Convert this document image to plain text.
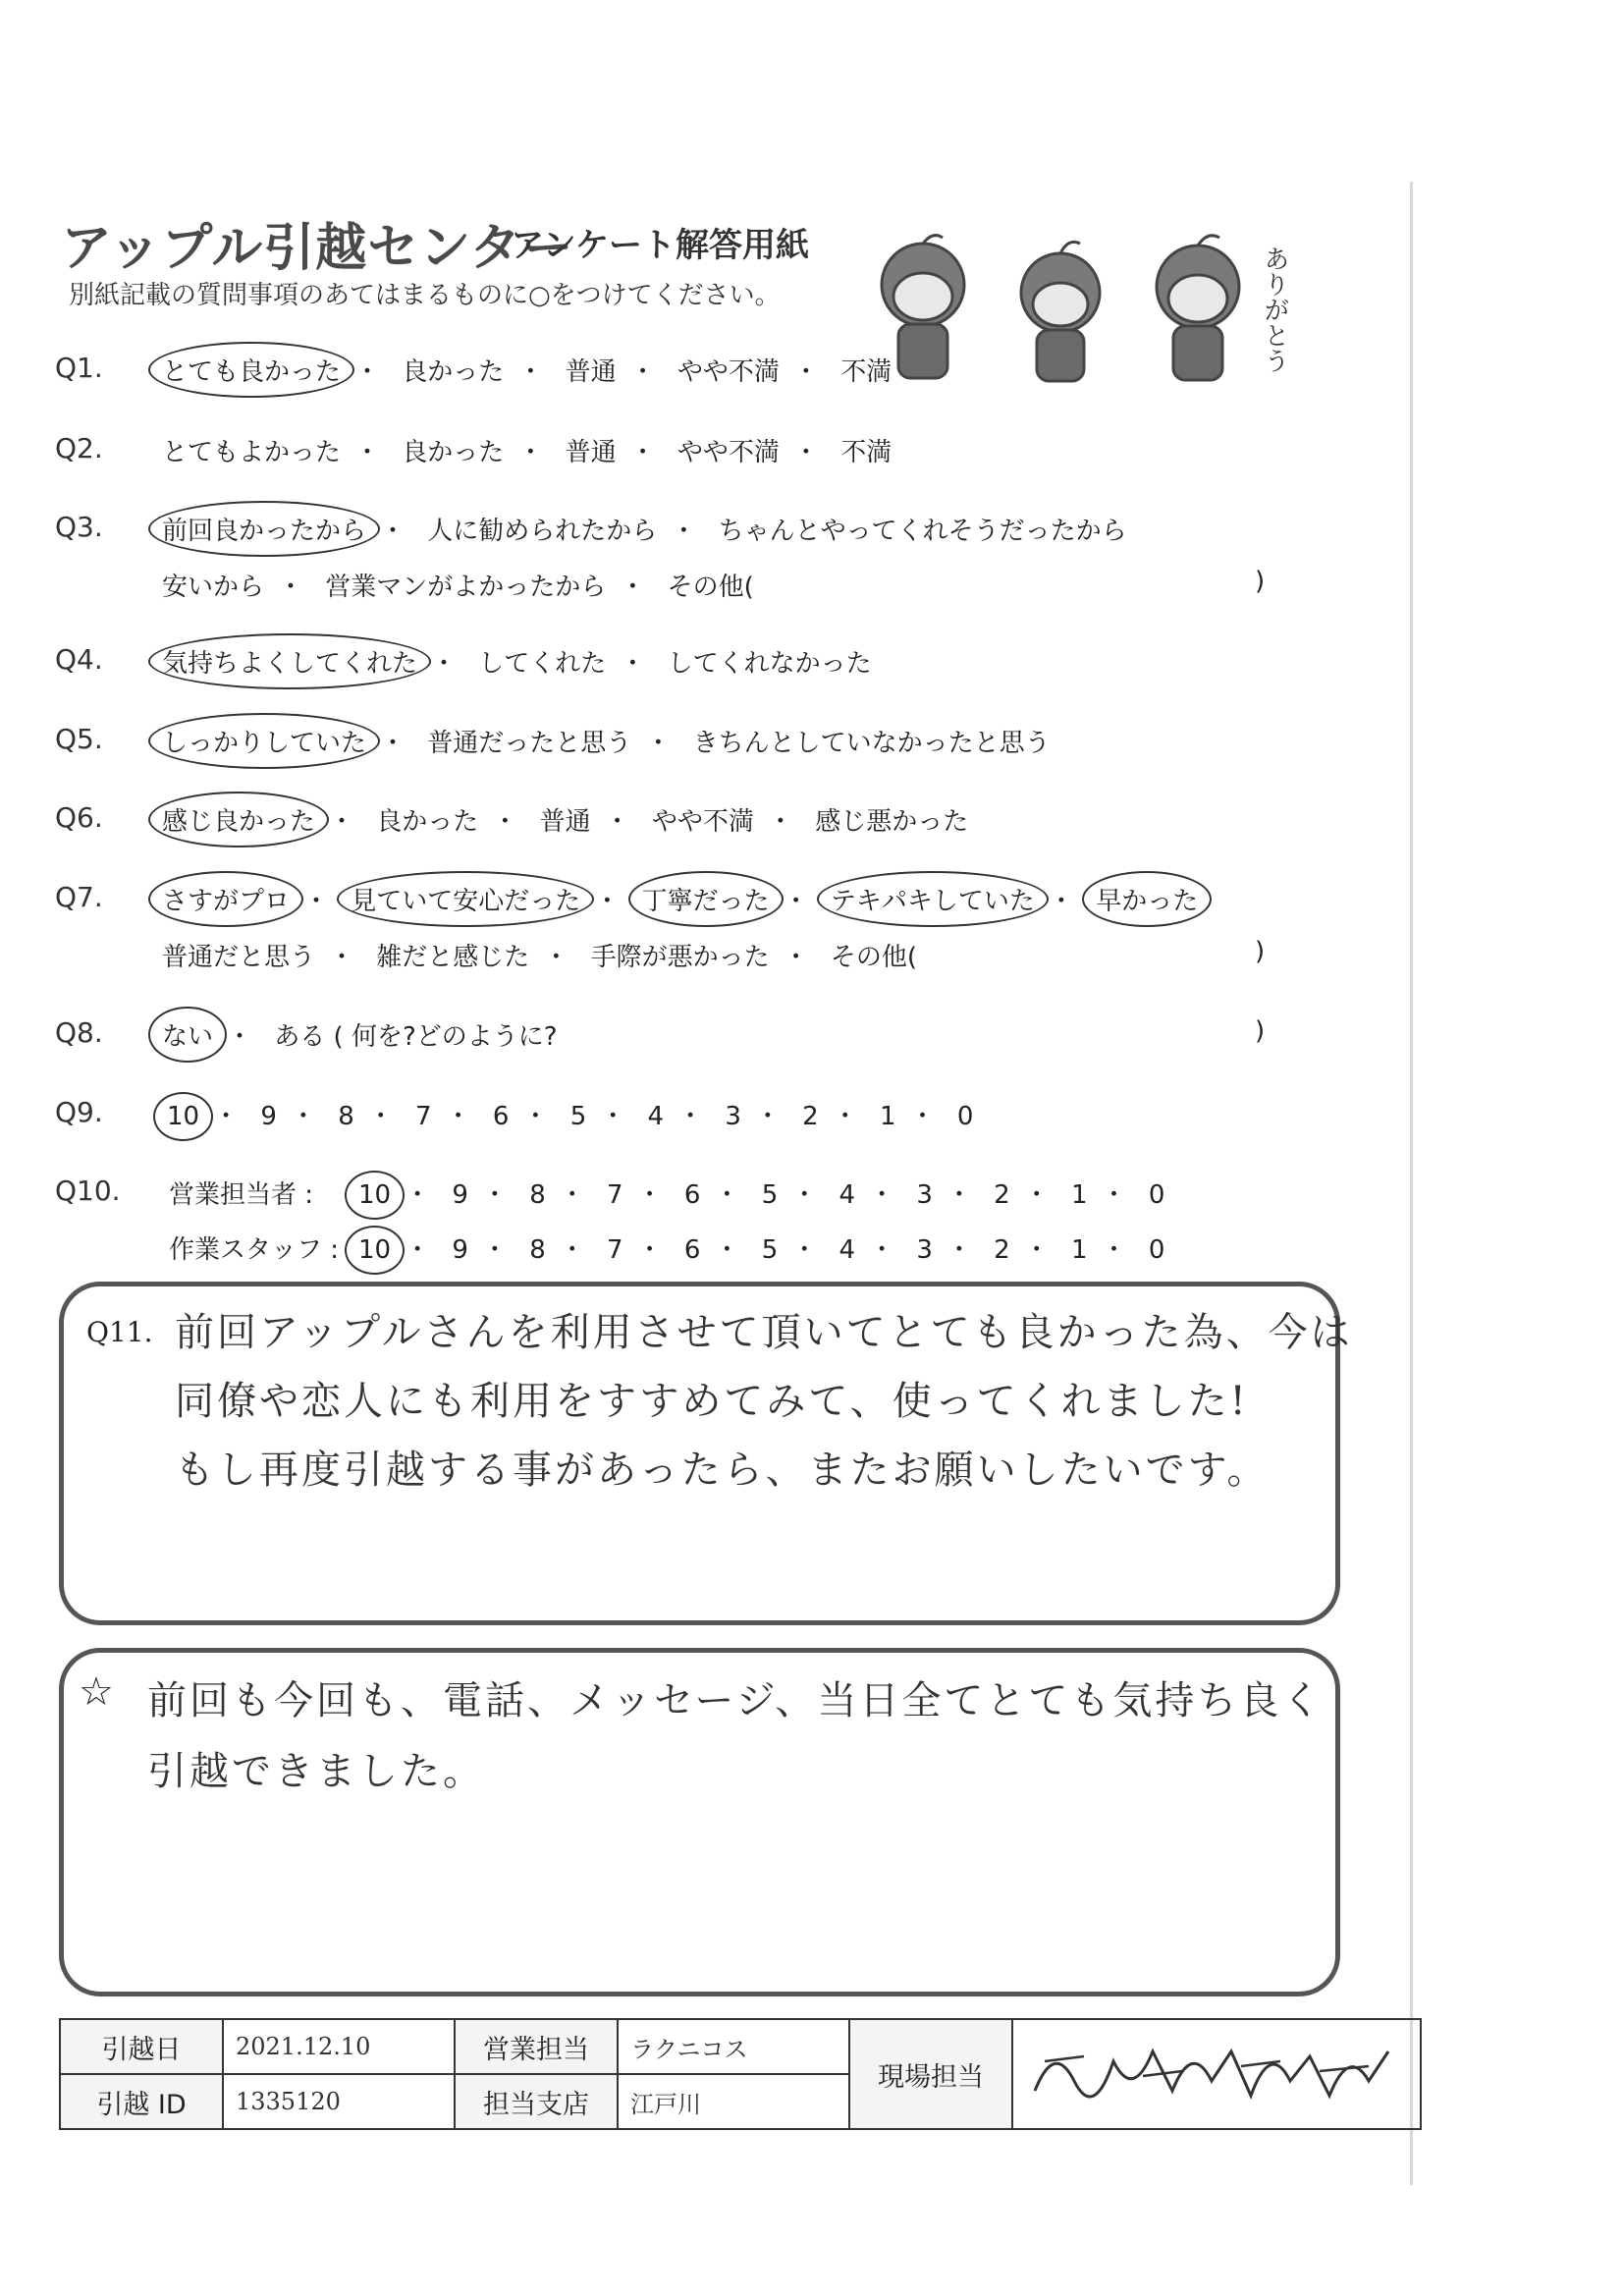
アップル引越センター
アンケート解答用紙
別紙記載の質問事項のあてはまるものに○をつけてください。	ありがとう
Q1. とても良かった ・ 良かった ・ 普通 ・ やや不満 ・ 不満
Q2. とてもよかった ・ 良かった ・ 普通 ・ やや不満 ・ 不満
Q3. 前回良かったから ・ 人に勧められたから ・ ちゃんとやってくれそうだったから
安いから ・ 営業マンがよかったから ・ その他(	)
Q4. 気持ちよくしてくれた ・ してくれた ・ してくれなかった
Q5. しっかりしていた ・ 普通だったと思う ・ きちんとしていなかったと思う
Q6. 感じ良かった ・ 良かった ・ 普通 ・ やや不満 ・ 感じ悪かった
Q7. さすがプロ ・ 見ていて安心だった ・ 丁寧だった ・ テキパキしていた ・ 早かった
普通だと思う ・ 雑だと感じた ・ 手際が悪かった ・ その他(	)
Q8. ない ・ ある ( 何を?どのように?	)
Q9.	10 ・ 9 ・ 8 ・ 7 ・ 6 ・ 5 ・ 4 ・ 3 ・ 2 ・ 1 ・ 0
Q10. 営業担当者 : 10 ・ 9 ・ 8 ・ 7 ・ 6 ・ 5 ・ 4 ・ 3 ・ 2 ・ 1 ・ 0
作業スタッフ : 10 ・ 9 ・ 8 ・ 7 ・ 6 ・ 5 ・ 4 ・ 3 ・ 2 ・ 1 ・ 0
Q11. 前回アップルさんを利用させて頂いてとても良かった為、今は
同僚や恋人にも利用をすすめてみて、使ってくれました!
もし再度引越する事があったら、またお願いしたいです。
☆ 前回も今回も、電話、メッセージ、当日全てとても気持ち良く
引越できました。
引越日	2021.12.10	営業担当	ラクニコス	現場担当	
引越 ID	1335120	担当支店	江戸川		
